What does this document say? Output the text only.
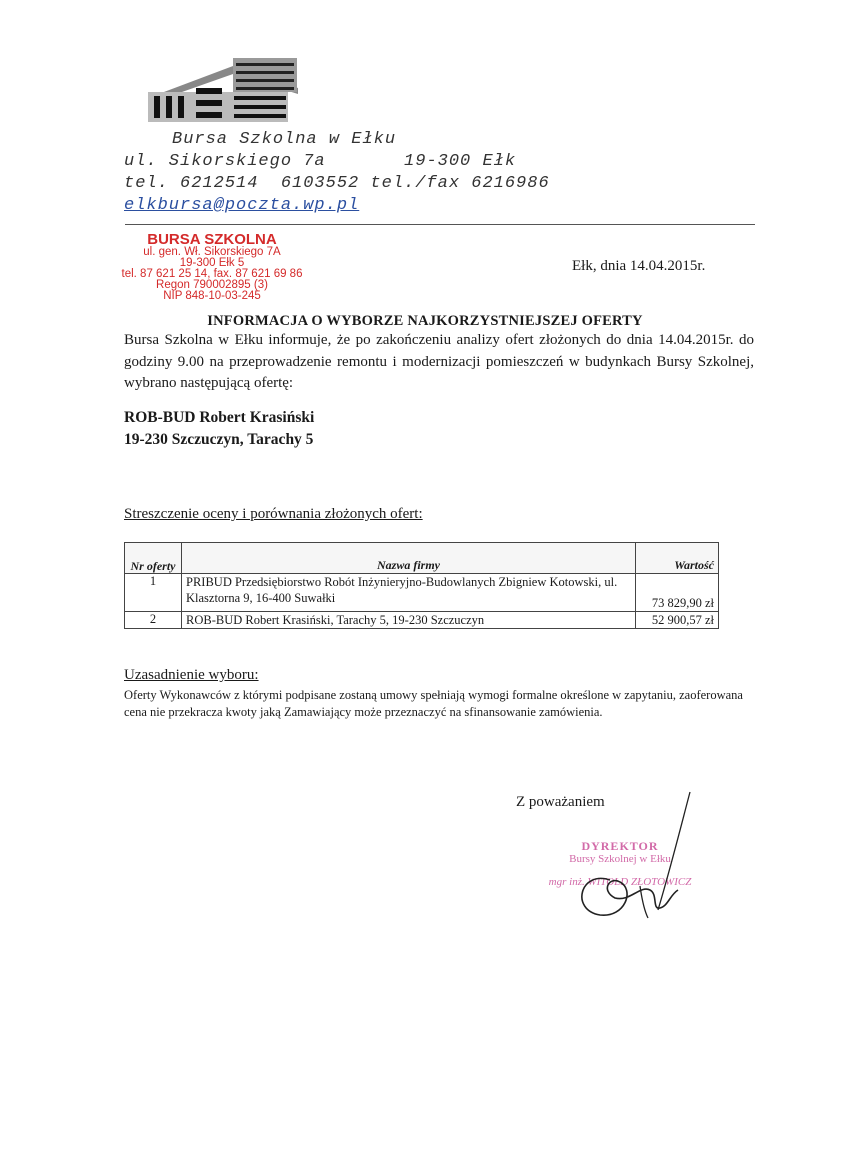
Bursa Szkolna w Ełku
ul. Sikorskiego 7a       19-300 Ełk
tel. 6212514  6103552 tel./fax 6216986
elkbursa@poczta.wp.pl
BURSA SZKOLNA
ul. gen. Wł. Sikorskiego 7A
19-300 Ełk 5
tel. 87 621 25 14, fax. 87 621 69 86
Regon 790002895 (3)
NIP 848-10-03-245
Ełk, dnia 14.04.2015r.
INFORMACJA O WYBORZE NAJKORZYSTNIEJSZEJ OFERTY
Bursa Szkolna w Ełku informuje, że po zakończeniu analizy ofert złożonych do dnia 14.04.2015r. do godziny 9.00 na przeprowadzenie remontu i modernizacji pomieszczeń w budynkach Bursy Szkolnej, wybrano następującą ofertę:
ROB-BUD Robert Krasiński
19-230 Szczuczyn, Tarachy 5
Streszczenie oceny i porównania złożonych ofert:
Nr oferty	Nazwa firmy	Wartość
1	PRIBUD Przedsiębiorstwo Robót Inżynieryjno-Budowlanych Zbigniew Kotowski, ul. Klasztorna 9, 16-400 Suwałki	73 829,90 zł
2	ROB-BUD Robert Krasiński, Tarachy 5, 19-230 Szczuczyn	52 900,57 zł
Uzasadnienie wyboru:
Oferty Wykonawców z którymi podpisane zostaną umowy spełniają wymogi formalne określone w zapytaniu, zaoferowana cena nie przekracza kwoty jaką Zamawiający może przeznaczyć na sfinansowanie zamówienia.
Z poważaniem
DYREKTOR
Bursy Szkolnej w Ełku
mgr inż. WITOLD ZŁOTOWICZ
